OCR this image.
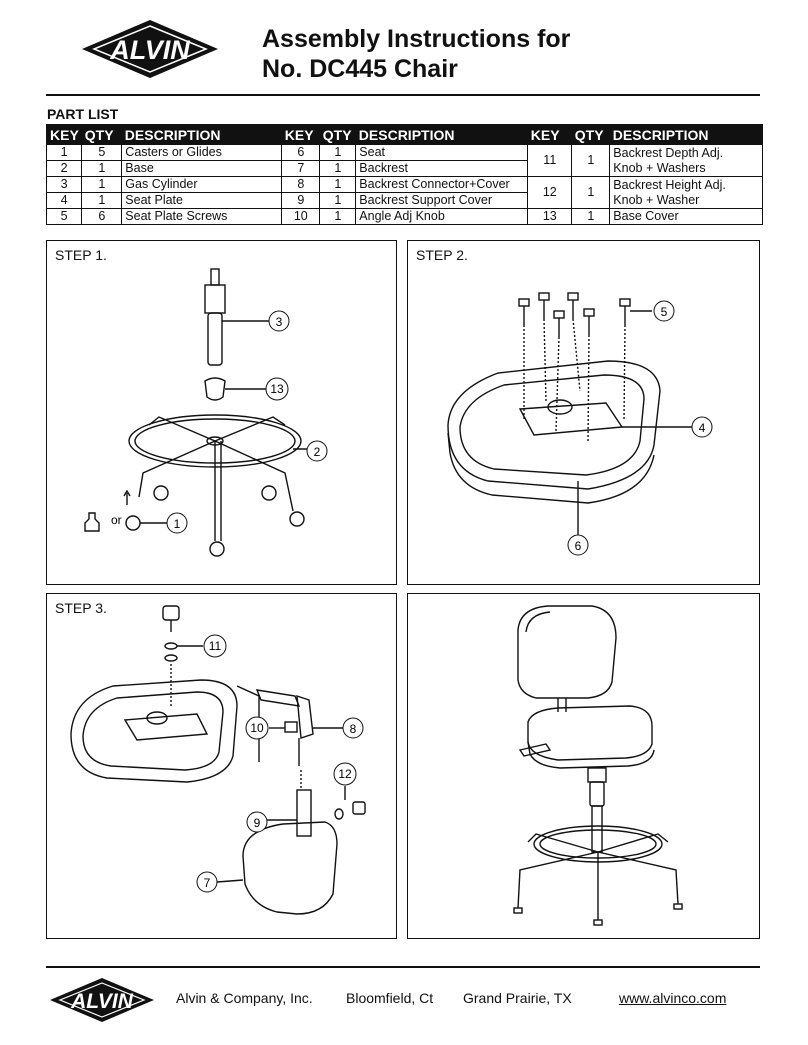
ALVIN	Assembly Instructions for
No. DC445 Chair
PART LIST
KEY	QTY	DESCRIPTION	KEY	QTY	DESCRIPTION	KEY	QTY	DESCRIPTION
1	5	Casters or Glides	6	1	Seat	11	1	Backrest Depth Adj.
Knob + Washers

2	1	Base	7	1	Backrest			
3	1	Gas Cylinder	8	1	Backrest Connector+Cover	12	1	Backrest Height Adj.
Knob + Washer

4	1	Seat Plate	9	1	Backrest Support Cover			
5	6	Seat Plate Screws	10	1	Angle Adj Knob	13	1	Base Cover
STEP 1.
or
3
13
2
1
STEP 2.
5
4
6
STEP 3.
11
8
10
12
9
7
ALVIN	Alvin & Company, Inc. Bloomfield, Ct Grand Prairie, TX	www.alvinco.com
